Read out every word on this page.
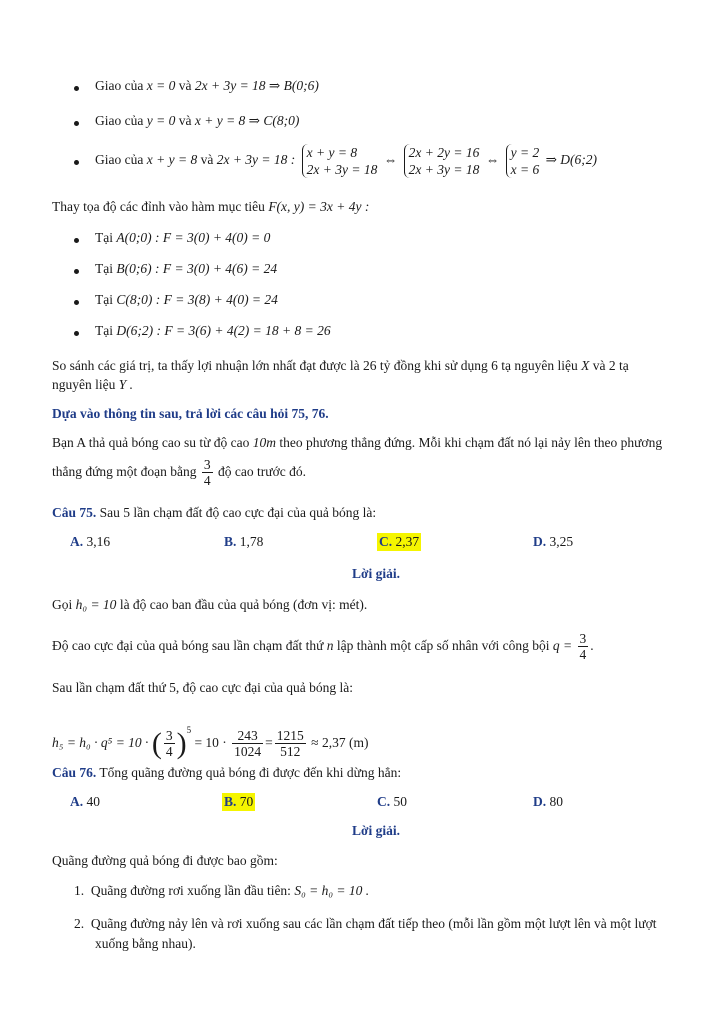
Giao của x = 0 và 2x + 3y = 18 ⇒ B(0;6)
Giao của y = 0 và x + y = 8 ⇒ C(8;0)
Giao của x + y = 8 và 2x + 3y = 18 : x + y = 8
2x + 3y = 18
⇔ 2x + 2y = 16
2x + 3y = 18
⇔ y = 2
x = 6
⇒ D(6;2)
Thay tọa độ các đỉnh vào hàm mục tiêu F(x, y) = 3x + 4y :
Tại A(0;0) : F = 3(0) + 4(0) = 0
Tại B(0;6) : F = 3(0) + 4(6) = 24
Tại C(8;0) : F = 3(8) + 4(0) = 24
Tại D(6;2) : F = 3(6) + 4(2) = 18 + 8 = 26
So sánh các giá trị, ta thấy lợi nhuận lớn nhất đạt được là 26 tỷ đồng khi sử dụng 6 tạ nguyên liệu X và 2 tạ
nguyên liệu Y .
Dựa vào thông tin sau, trả lời các câu hỏi 75, 76.
Bạn A thả quả bóng cao su từ độ cao 10m theo phương thẳng đứng. Mỗi khi chạm đất nó lại nảy lên theo phương
thẳng đứng một đoạn bằng $\frac{3}{4}$ độ cao trước đó.
Câu 75. Sau 5 lần chạm đất độ cao cực đại của quả bóng là:
A. 3,16	B. 1,78	C. 2,37	D. 3,25
Lời giải.
Gọi h₀ = 10 là độ cao ban đầu của quả bóng (đơn vị: mét).
Độ cao cực đại của quả bóng sau lần chạm đất thứ n lập thành một cấp số nhân với công bội $q = \frac{3}{4}$ .
Sau lần chạm đất thứ 5, độ cao cực đại của quả bóng là:
h₅ = h₀ · q⁵ = 10 · ( $\frac{3}{4} )^5 = 10 \cdot \frac{243}{1024} = \frac{1215}{512} \approx 2,37$ (m)
Câu 76. Tổng quãng đường quả bóng đi được đến khi dừng hẳn:
A. 40	B. 70	C. 50	D. 80
Lời giải.
Quãng đường quả bóng đi được bao gồm:
1. Quãng đường rơi xuống lần đầu tiên: S₀ = h₀ = 10 .
2. Quãng đường nảy lên và rơi xuống sau các lần chạm đất tiếp theo (mỗi lần gồm một lượt lên và một lượt
xuống bằng nhau).
